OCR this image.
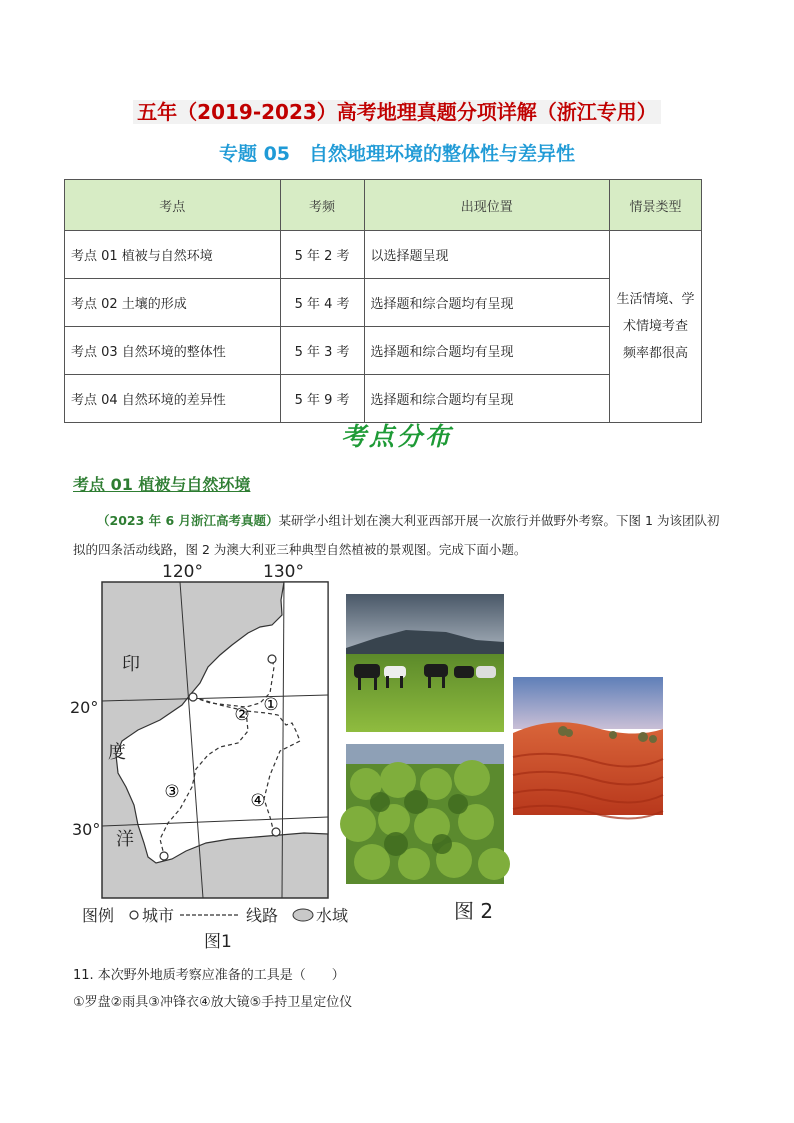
五年（2019-2023）高考地理真题分项详解（浙江专用）
专题 05　自然地理环境的整体性与差异性
考点	考频	出现位置	情景类型
考点 01 植被与自然环境	5 年 2 考	以选择题呈现	生活情境、学
术情境考查
频率都很高

考点 02 土壤的形成	5 年 4 考	选择题和综合题均有呈现	
考点 03 自然环境的整体性	5 年 3 考	选择题和综合题均有呈现	
考点 04 自然环境的差异性	5 年 9 考	选择题和综合题均有呈现	
考点分布
考点 01 植被与自然环境
（2023 年 6 月浙江高考真题）某研学小组计划在澳大利亚西部开展一次旅行并做野外考察。下图 1 为该团队初拟的四条活动线路，图 2 为澳大利亚三种典型自然植被的景观图。完成下面小题。
①
②
③	④
印
度
洋
120°	130°
20°
30°
图例 城市	线路 水域
图1
图 2
11. 本次野外地质考察应准备的工具是（　　）
①罗盘②雨具③冲锋衣④放大镜⑤手持卫星定位仪
